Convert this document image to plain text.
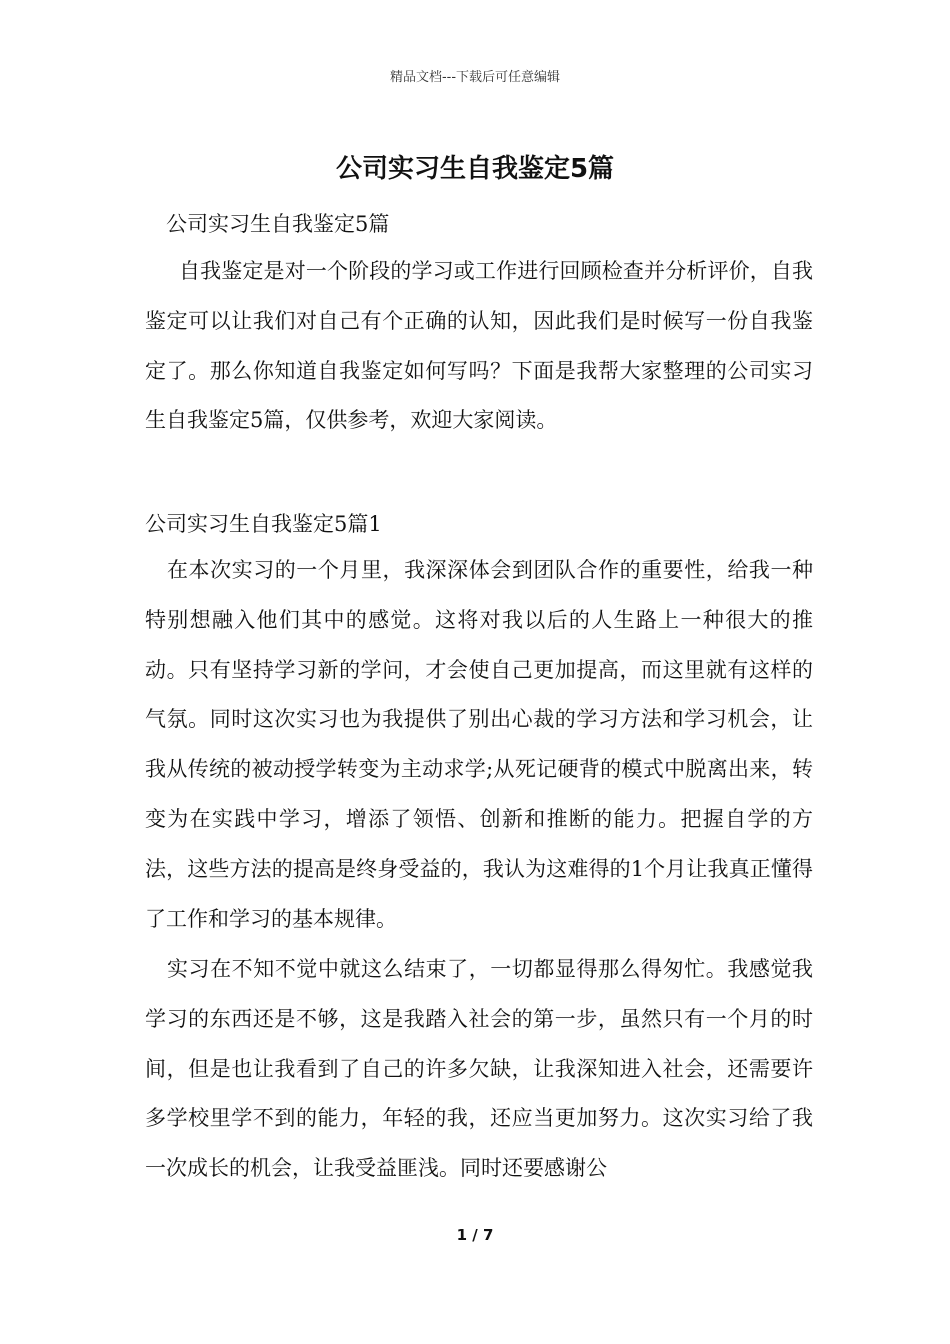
精品文档---下载后可任意编辑
公司实习生自我鉴定5篇
公司实习生自我鉴定5篇

自我鉴定是对一个阶段的学习或工作进行回顾检查并分析评价，自我鉴定可以让我们对自己有个正确的认知，因此我们是时候写一份自我鉴定了。那么你知道自我鉴定如何写吗？下面是我帮大家整理的公司实习生自我鉴定5篇，仅供参考，欢迎大家阅读。

公司实习生自我鉴定5篇1

在本次实习的一个月里，我深深体会到团队合作的重要性，给我一种特别想融入他们其中的感觉。这将对我以后的人生路上一种很大的推动。只有坚持学习新的学问，才会使自己更加提高，而这里就有这样的气氛。同时这次实习也为我提供了别出心裁的学习方法和学习机会，让我从传统的被动授学转变为主动求学;从死记硬背的模式中脱离出来，转变为在实践中学习，增添了领悟、创新和推断的能力。把握自学的方法，这些方法的提高是终身受益的，我认为这难得的1个月让我真正懂得了工作和学习的基本规律。

实习在不知不觉中就这么结束了，一切都显得那么得匆忙。我感觉我学习的东西还是不够，这是我踏入社会的第一步，虽然只有一个月的时间，但是也让我看到了自己的许多欠缺，让我深知进入社会，还需要许多学校里学不到的能力，年轻的我，还应当更加努力。这次实习给了我一次成长的机会，让我受益匪浅。同时还要感谢公

1 / 7
